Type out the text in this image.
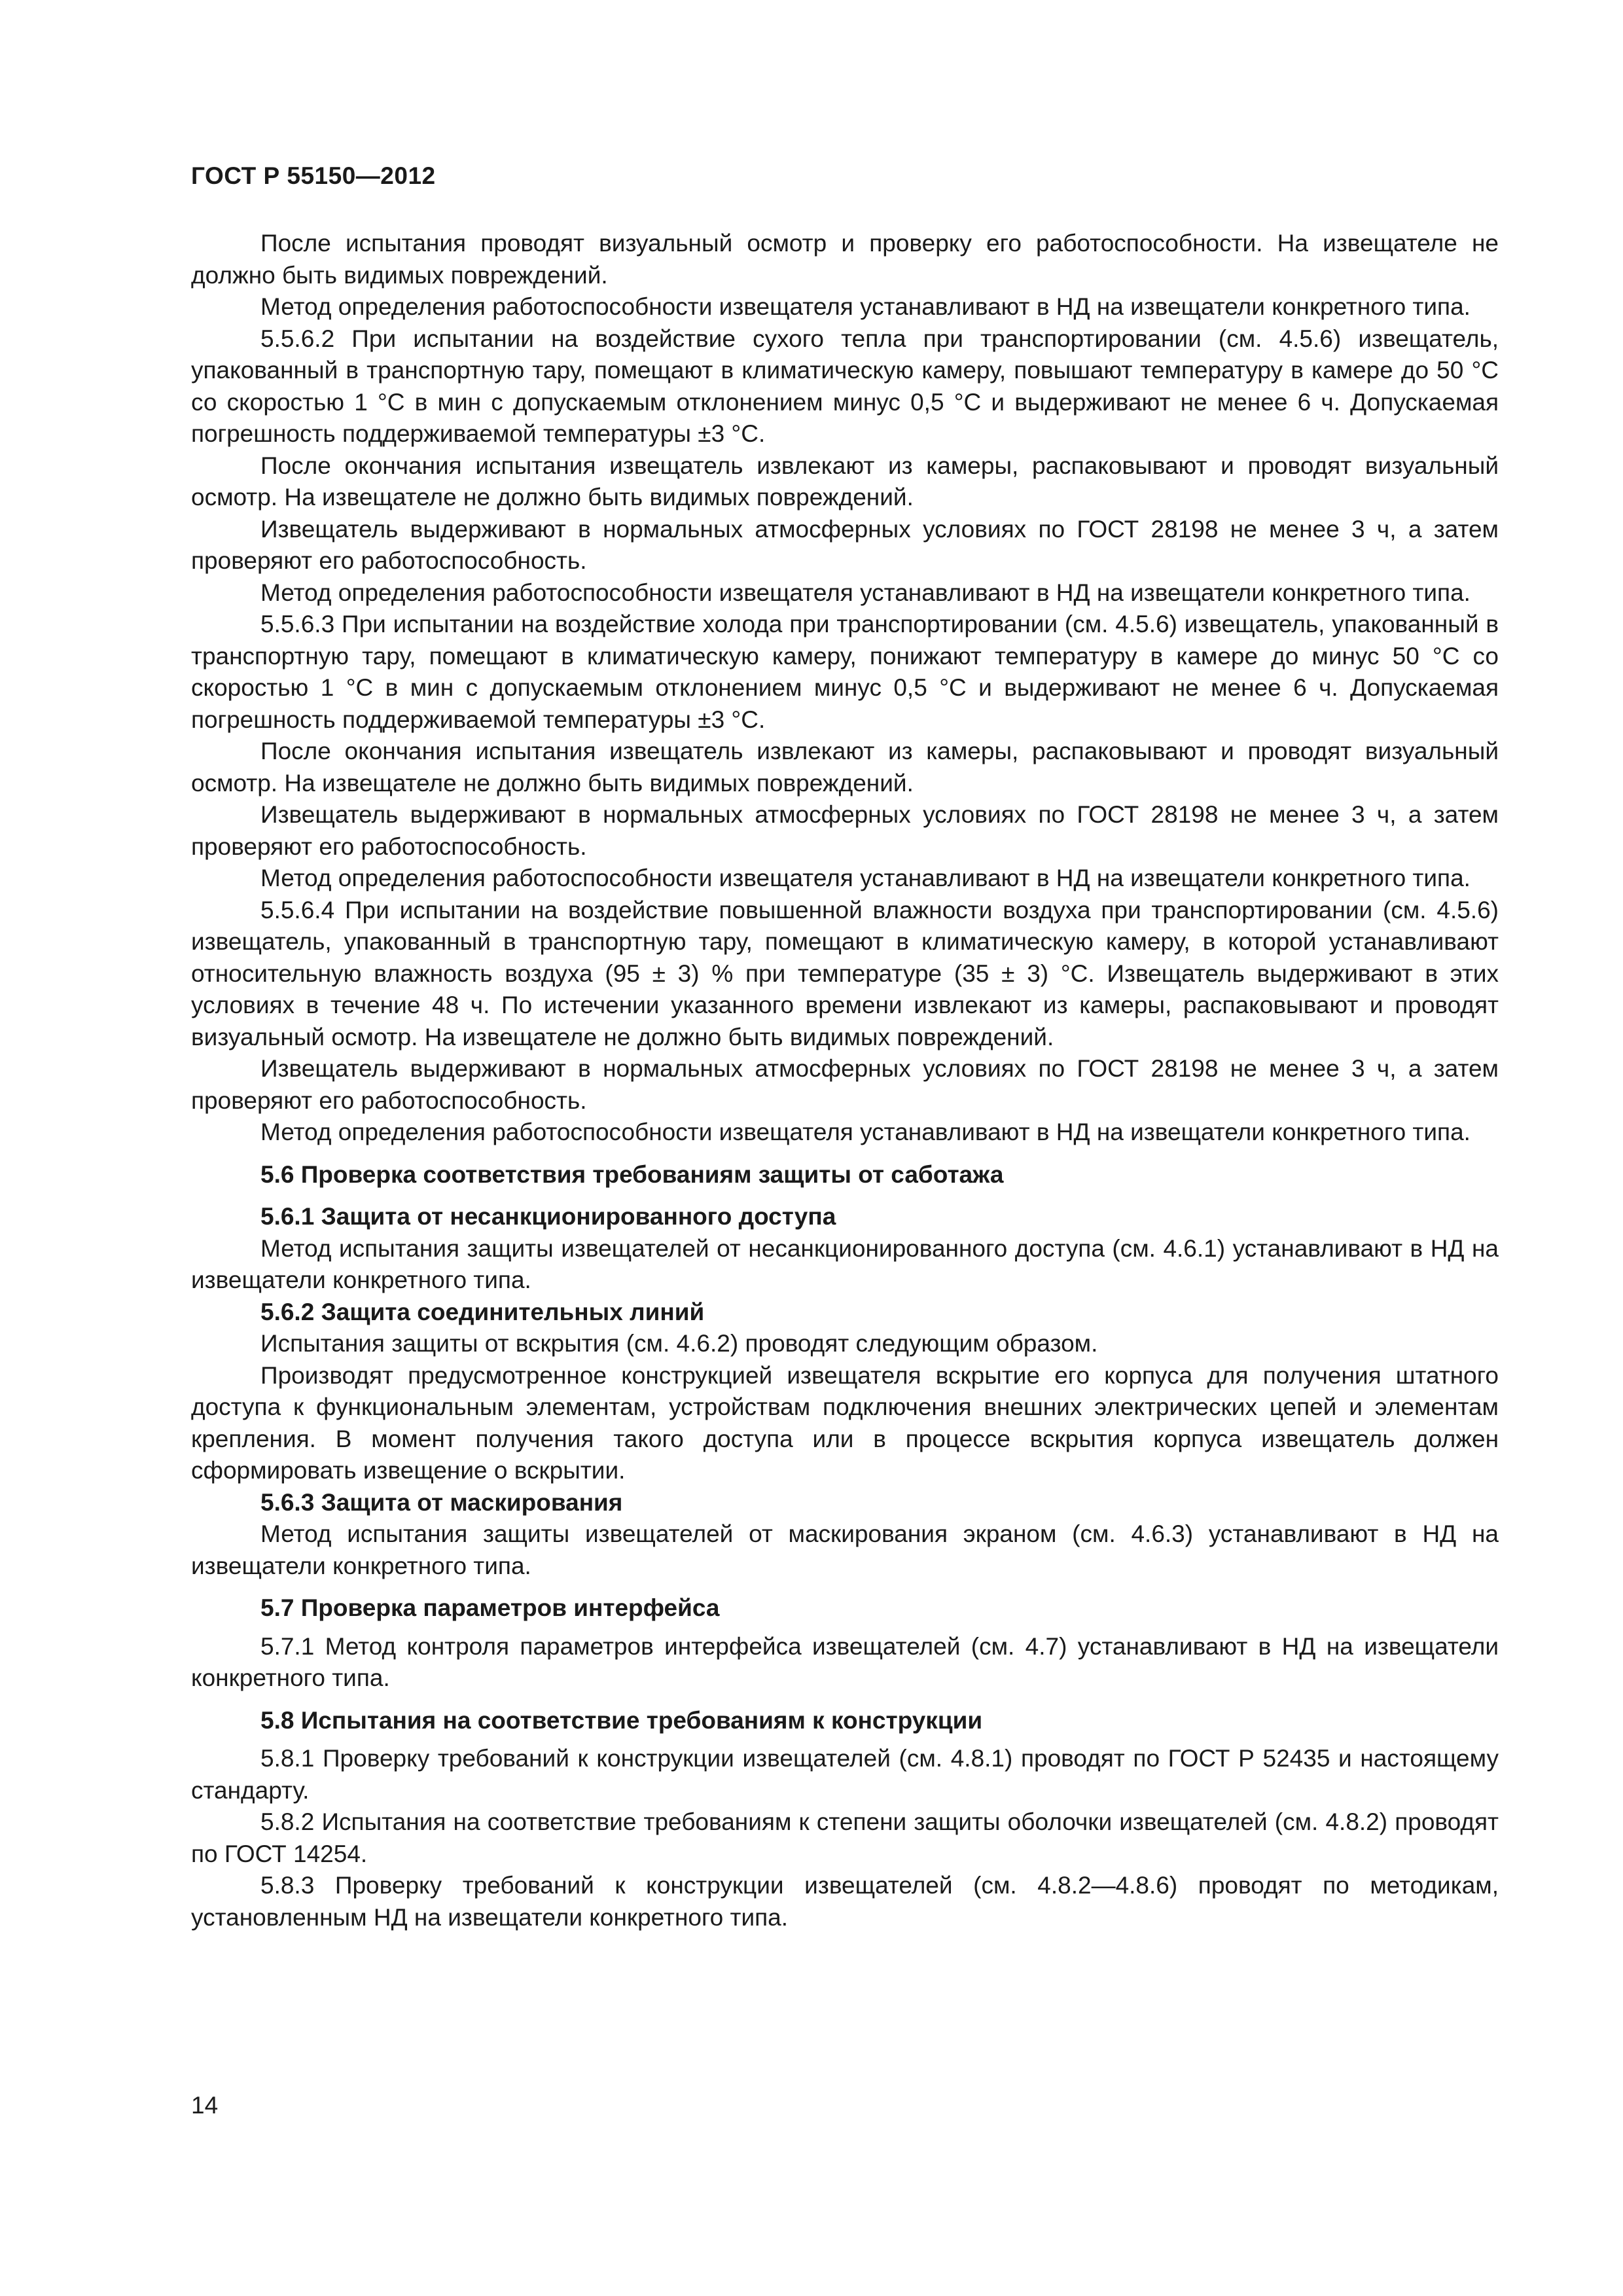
ГОСТ Р 55150—2012

После испытания проводят визуальный осмотр и проверку его работоспособности. На извещателе не должно быть видимых повреждений.

Метод определения работоспособности извещателя устанавливают в НД на извещатели конкретного типа.

5.5.6.2 При испытании на воздействие сухого тепла при транспортировании (см. 4.5.6) извещатель, упакованный в транспортную тару, помещают в климатическую камеру, повышают температуру в камере до 50 °С со скоростью 1 °С в мин с допускаемым отклонением минус 0,5 °С и выдерживают не менее 6 ч. Допускаемая погрешность поддерживаемой температуры ±3 °С.

После окончания испытания извещатель извлекают из камеры, распаковывают и проводят визуальный осмотр. На извещателе не должно быть видимых повреждений.

Извещатель выдерживают в нормальных атмосферных условиях по ГОСТ 28198 не менее 3 ч, а затем проверяют его работоспособность.

Метод определения работоспособности извещателя устанавливают в НД на извещатели конкретного типа.

5.5.6.3 При испытании на воздействие холода при транспортировании (см. 4.5.6) извещатель, упакованный в транспортную тару, помещают в климатическую камеру, понижают температуру в камере до минус 50 °С со скоростью 1 °С в мин с допускаемым отклонением минус 0,5 °С и выдерживают не менее 6 ч. Допускаемая погрешность поддерживаемой температуры ±3 °С.

После окончания испытания извещатель извлекают из камеры, распаковывают и проводят визуальный осмотр. На извещателе не должно быть видимых повреждений.

Извещатель выдерживают в нормальных атмосферных условиях по ГОСТ 28198 не менее 3 ч, а затем проверяют его работоспособность.

Метод определения работоспособности извещателя устанавливают в НД на извещатели конкретного типа.

5.5.6.4 При испытании на воздействие повышенной влажности воздуха при транспортировании (см. 4.5.6) извещатель, упакованный в транспортную тару, помещают в климатическую камеру, в которой устанавливают относительную влажность воздуха (95 ± 3) % при температуре (35 ± 3) °С. Извещатель выдерживают в этих условиях в течение 48 ч. По истечении указанного времени извлекают из камеры, распаковывают и проводят визуальный осмотр. На извещателе не должно быть видимых повреждений.

Извещатель выдерживают в нормальных атмосферных условиях по ГОСТ 28198 не менее 3 ч, а затем проверяют его работоспособность.

Метод определения работоспособности извещателя устанавливают в НД на извещатели конкретного типа.

5.6 Проверка соответствия требованиям защиты от саботажа

5.6.1 Защита от несанкционированного доступа

Метод испытания защиты извещателей от несанкционированного доступа (см. 4.6.1) устанавливают в НД на извещатели конкретного типа.

5.6.2 Защита соединительных линий

Испытания защиты от вскрытия (см. 4.6.2) проводят следующим образом.

Производят предусмотренное конструкцией извещателя вскрытие его корпуса для получения штатного доступа к функциональным элементам, устройствам подключения внешних электрических цепей и элементам крепления. В момент получения такого доступа или в процессе вскрытия корпуса извещатель должен сформировать извещение о вскрытии.

5.6.3 Защита от маскирования

Метод испытания защиты извещателей от маскирования экраном (см. 4.6.3) устанавливают в НД на извещатели конкретного типа.

5.7 Проверка параметров интерфейса

5.7.1 Метод контроля параметров интерфейса извещателей (см. 4.7) устанавливают в НД на извещатели конкретного типа.

5.8 Испытания на соответствие требованиям к конструкции

5.8.1 Проверку требований к конструкции извещателей (см. 4.8.1) проводят по ГОСТ Р 52435 и настоящему стандарту.

5.8.2 Испытания на соответствие требованиям к степени защиты оболочки извещателей (см. 4.8.2) проводят по ГОСТ 14254.

5.8.3 Проверку требований к конструкции извещателей (см. 4.8.2—4.8.6) проводят по методикам, установленным НД на извещатели конкретного типа.

14
